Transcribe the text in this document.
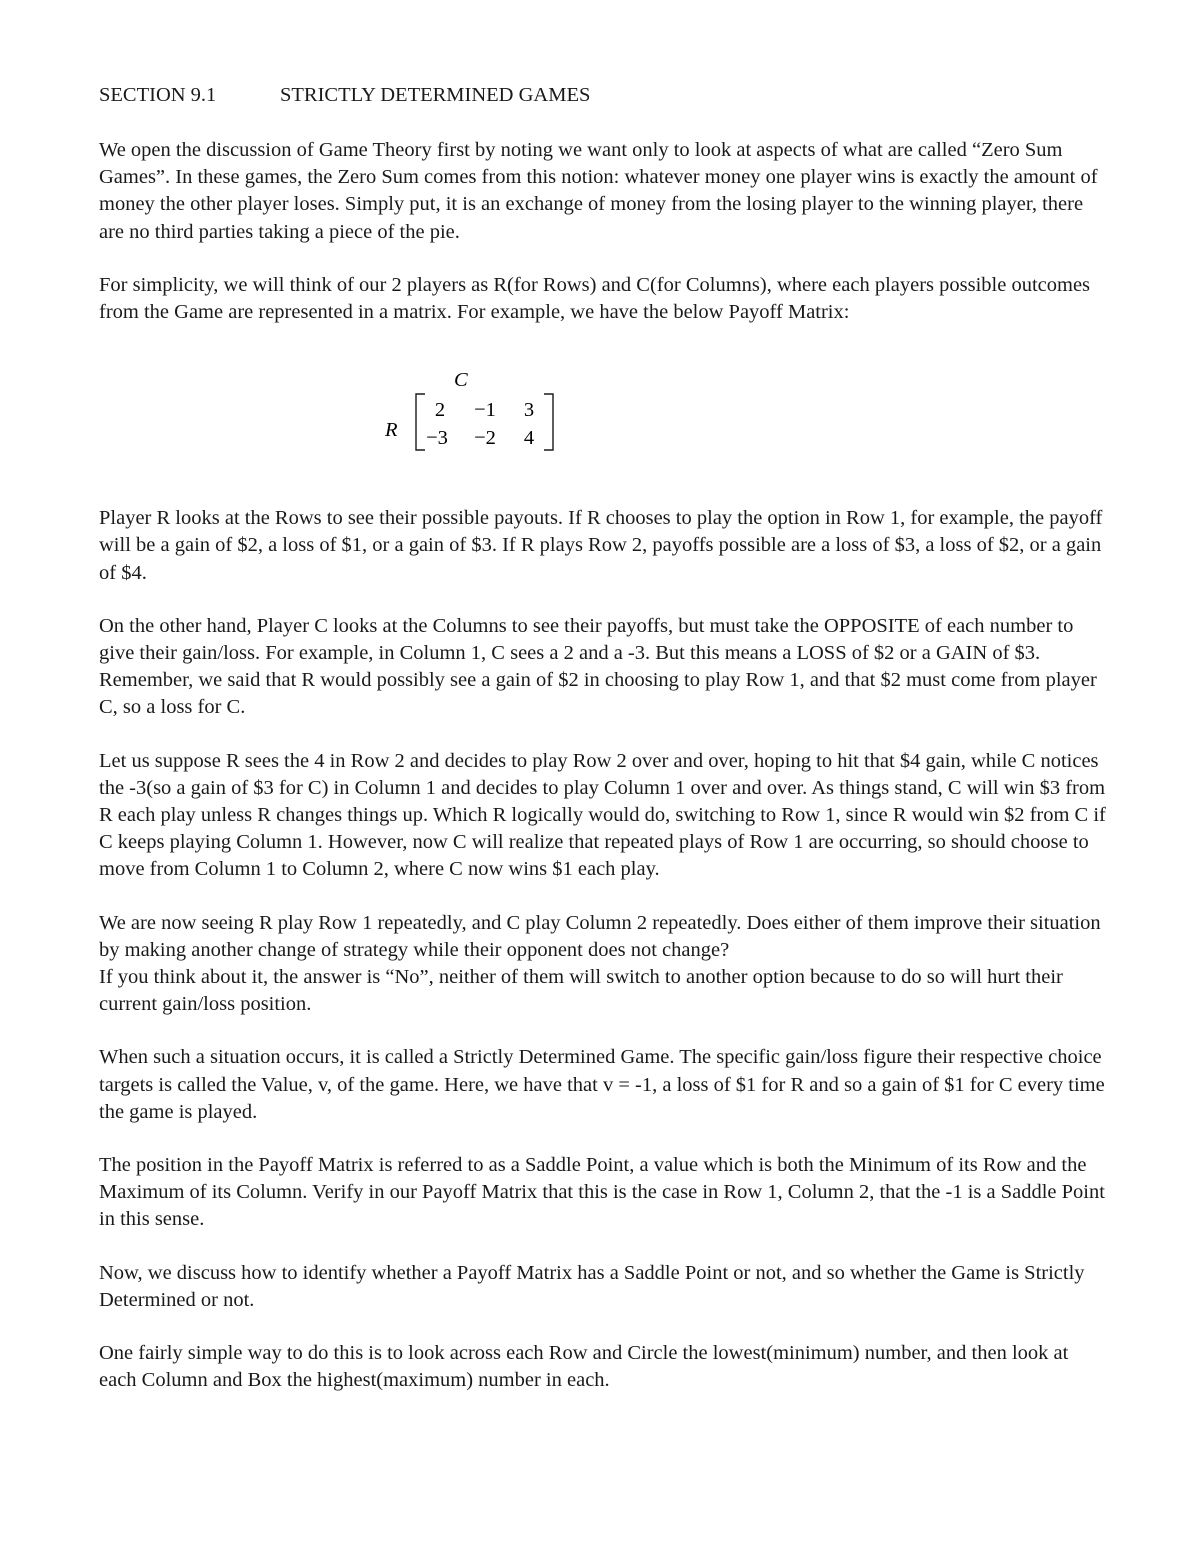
SECTION 9.1	STRICTLY DETERMINED GAMES

We open the discussion of Game Theory first by noting we want only to look at aspects of what are called “Zero Sum Games”. In these games, the Zero Sum comes from this notion: whatever money one player wins is exactly the amount of money the other player loses. Simply put, it is an exchange of money from the losing player to the winning player, there are no third parties taking a piece of the pie.

For simplicity, we will think of our 2 players as R(for Rows) and C(for Columns), where each players possible outcomes from the Game are represented in a matrix. For example, we have the below Payoff Matrix:

C
R
2 −1 3
−3 −2 4

Player R looks at the Rows to see their possible payouts. If R chooses to play the option in Row 1, for example, the payoff will be a gain of $2, a loss of $1, or a gain of $3. If R plays Row 2, payoffs possible are a loss of $3, a loss of $2, or a gain of $4.

On the other hand, Player C looks at the Columns to see their payoffs, but must take the OPPOSITE of each number to give their gain/loss. For example, in Column 1, C sees a 2 and a -3. But this means a LOSS of $2 or a GAIN of $3. Remember, we said that R would possibly see a gain of $2 in choosing to play Row 1, and that $2 must come from player C, so a loss for C.

Let us suppose R sees the 4 in Row 2 and decides to play Row 2 over and over, hoping to hit that $4 gain, while C notices the -3(so a gain of $3 for C) in Column 1 and decides to play Column 1 over and over. As things stand, C will win $3 from R each play unless R changes things up. Which R logically would do, switching to Row 1, since R would win $2 from C if C keeps playing Column 1. However, now C will realize that repeated plays of Row 1 are occurring, so should choose to move from Column 1 to Column 2, where C now wins $1 each play.

We are now seeing R play Row 1 repeatedly, and C play Column 2 repeatedly. Does either of them improve their situation by making another change of strategy while their opponent does not change?

If you think about it, the answer is “No”, neither of them will switch to another option because to do so will hurt their current gain/loss position.

When such a situation occurs, it is called a Strictly Determined Game. The specific gain/loss figure their respective choice targets is called the Value, v, of the game. Here, we have that v = -1, a loss of $1 for R and so a gain of $1 for C every time the game is played.

The position in the Payoff Matrix is referred to as a Saddle Point, a value which is both the Minimum of its Row and the Maximum of its Column. Verify in our Payoff Matrix that this is the case in Row 1, Column 2, that the -1 is a Saddle Point in this sense.

Now, we discuss how to identify whether a Payoff Matrix has a Saddle Point or not, and so whether the Game is Strictly Determined or not.

One fairly simple way to do this is to look across each Row and Circle the lowest(minimum) number, and then look at each Column and Box the highest(maximum) number in each.
